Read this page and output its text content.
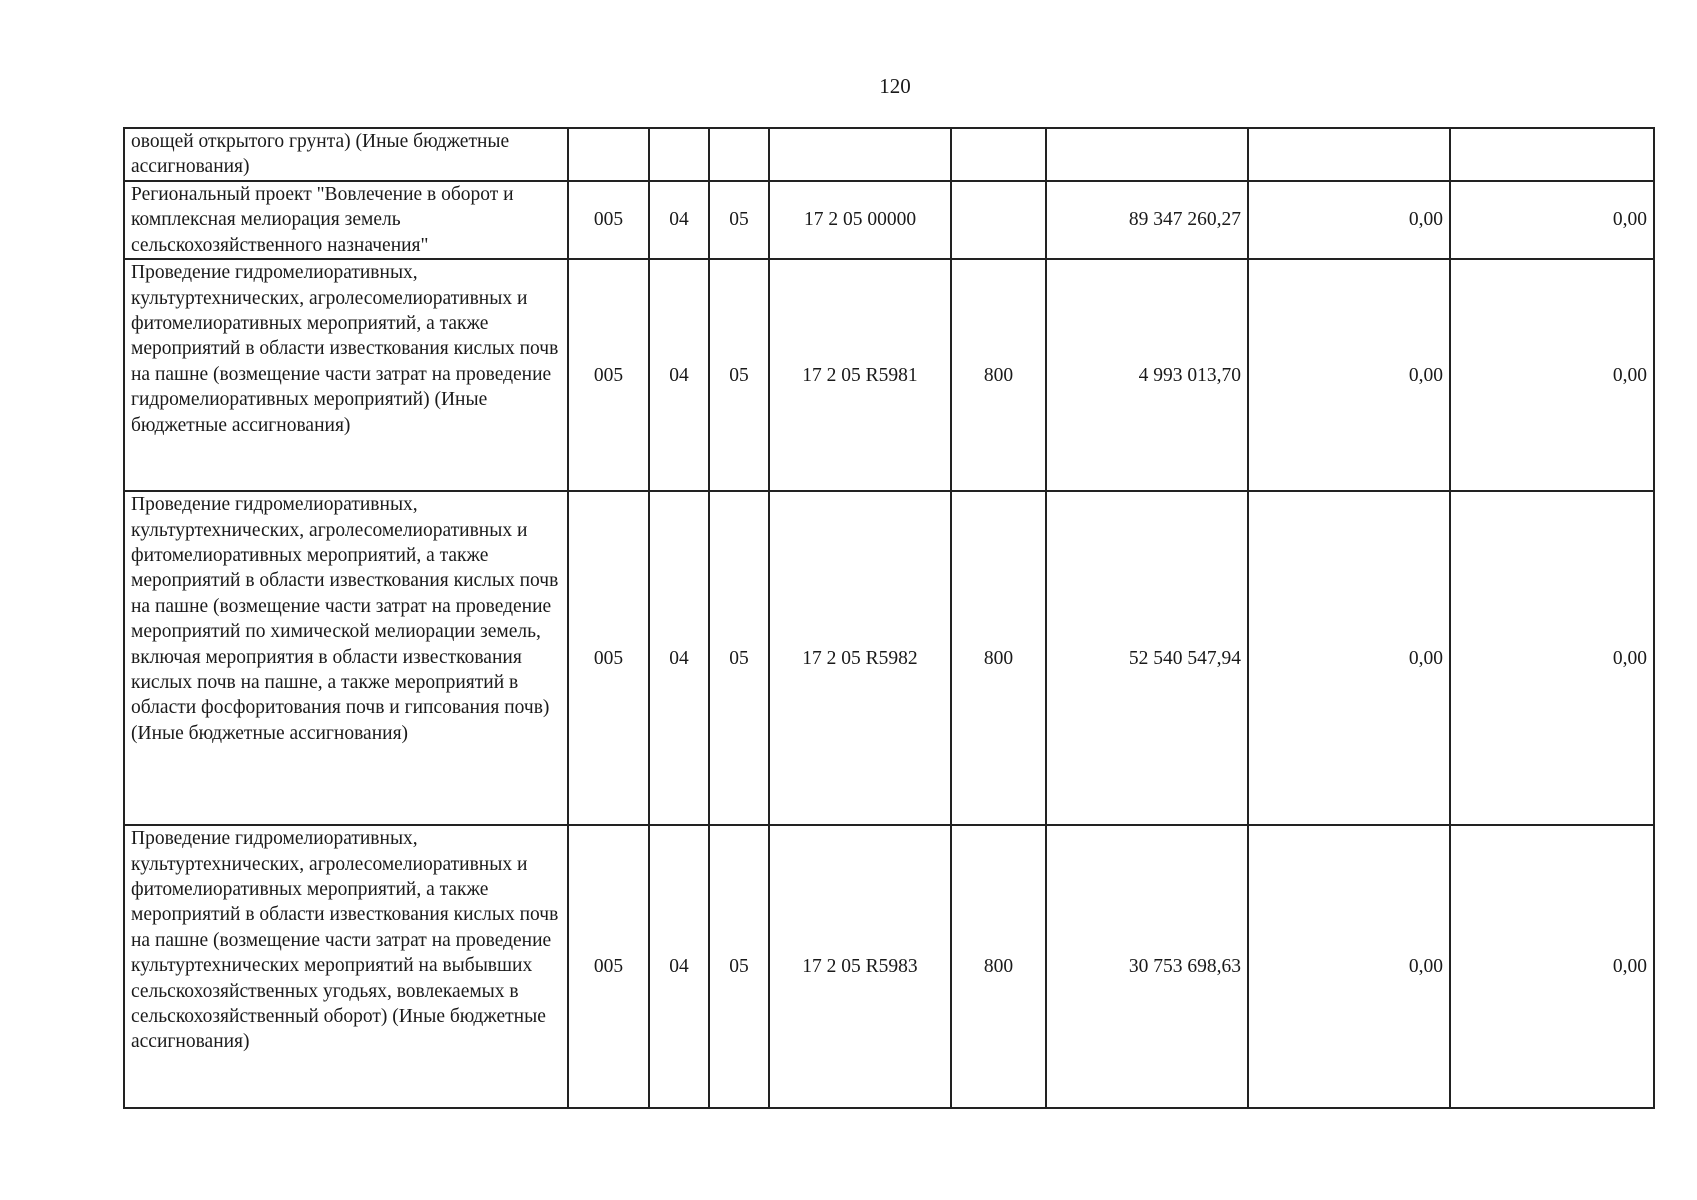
120
овощей открытого грунта) (Иные бюджетные ассигнования)								
Региональный проект "Вовлечение в оборот и комплексная мелиорация земель сельскохозяйственного назначения"	005	04	05	17 2 05 00000		89 347 260,27	0,00	0,00
Проведение гидромелиоративных, культуртехнических, агролесомелиоративных и фитомелиоративных мероприятий, а также мероприятий в области известкования кислых почв на пашне (возмещение части затрат на проведение гидромелиоративных мероприятий) (Иные бюджетные ассигнования)	005	04	05	17 2 05 R5981	800	4 993 013,70	0,00	0,00
Проведение гидромелиоративных, культуртехнических, агролесомелиоративных и фитомелиоративных мероприятий, а также мероприятий в области известкования кислых почв на пашне (возмещение части затрат на проведение мероприятий по химической мелиорации земель, включая мероприятия в области известкования кислых почв на пашне, а также мероприятий в области фосфоритования почв и гипсования почв) (Иные бюджетные ассигнования)	005	04	05	17 2 05 R5982	800	52 540 547,94	0,00	0,00
Проведение гидромелиоративных, культуртехнических, агролесомелиоративных и фитомелиоративных мероприятий, а также мероприятий в области известкования кислых почв на пашне (возмещение части затрат на проведение культуртехнических мероприятий на выбывших сельскохозяйственных угодьях, вовлекаемых в сельскохозяйственный оборот) (Иные бюджетные ассигнования)	005	04	05	17 2 05 R5983	800	30 753 698,63	0,00	0,00
